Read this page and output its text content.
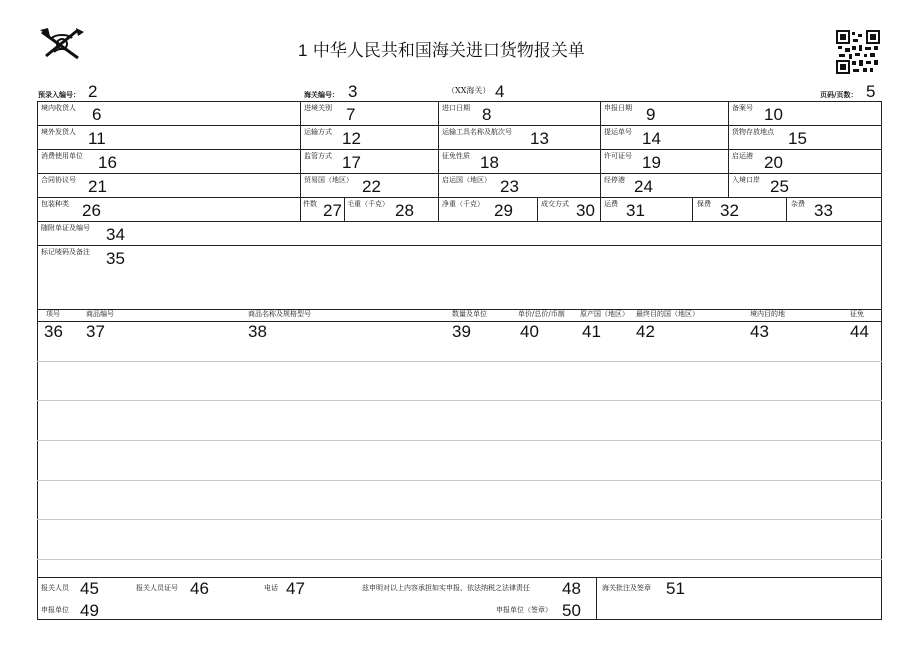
1 中华人民共和国海关进口货物报关单
预录入编号： 2	海关编号： 3	（XX海关） 4	页码/页数： 5
境内收货人 6	进境关别 7	进口日期 8	申报日期 9	备案号 10
境外发货人 11	运输方式 12	运输工具名称及航次号 13	提运单号 14	货物存放地点 15
消费使用单位 16	监管方式 17	征免性质 18	许可证号 19	启运港 20
合同协议号 21	贸易国（地区） 22	启运国（地区） 23	经停港 24	入境口岸 25
包装种类 26	件数 27 毛重（千克） 28	净重（千克） 29	成交方式 30 运费 31	保费 32	杂费 33
随附单证及编号 34
标记唛码及备注 35
项号	商品编号	商品名称及规格型号	数量及单位	单价/总价/币制 原产国（地区） 最终目的国（地区）	境内目的地	征免
36 37	38	39	40	41 42	43	44
报关人员 45	报关人员证号 46	电话 47	兹申明对以上内容承担如实申报、依法纳税之法律责任 48
申报单位 49	申报单位（签章） 50
海关批注及签章 51
